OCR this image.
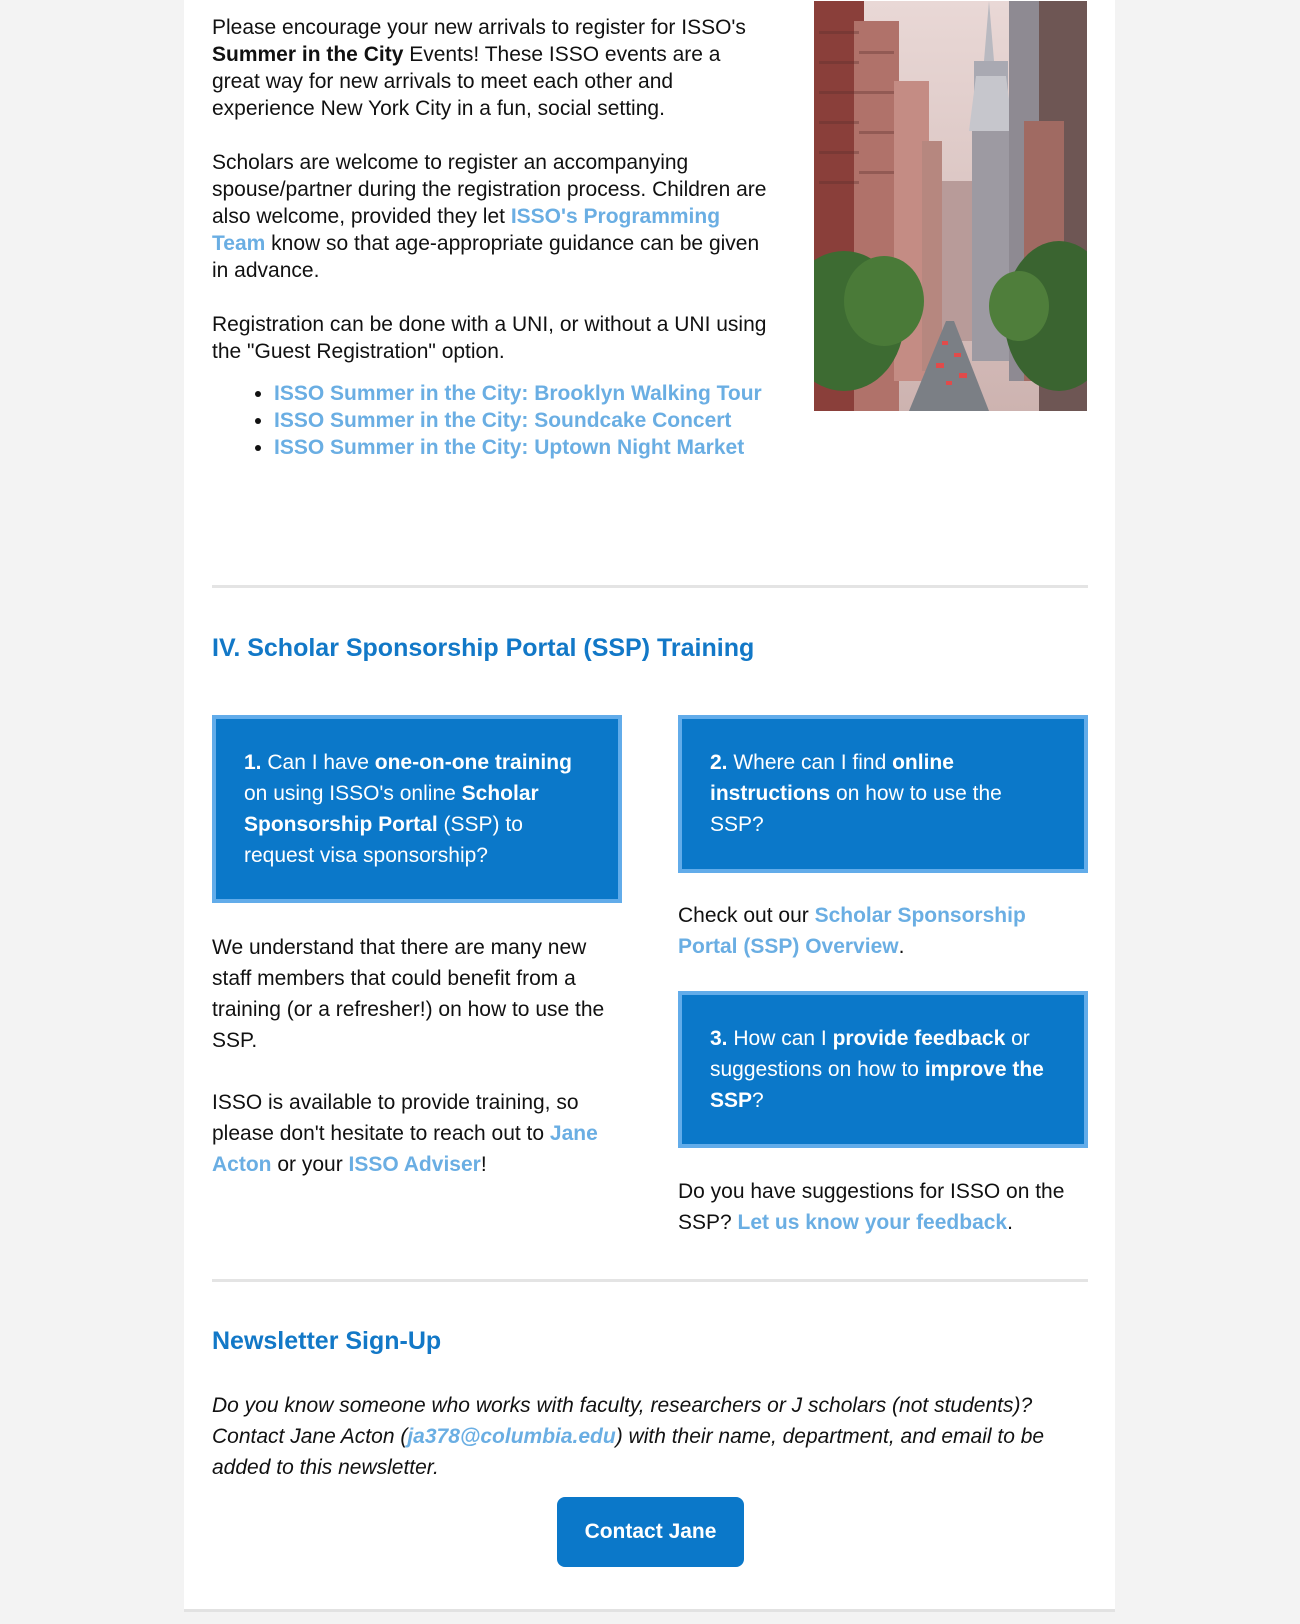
Please encourage your new arrivals to register for ISSO's Summer in the City Events! These ISSO events are a great way for new arrivals to meet each other and experience New York City in a fun, social setting.

Scholars are welcome to register an accompanying spouse/partner during the registration process. Children are also welcome, provided they let ISSO's Programming Team know so that age-appropriate guidance can be given in advance.

Registration can be done with a UNI, or without a UNI using the "Guest Registration" option.

• ISSO Summer in the City: Brooklyn Walking Tour
• ISSO Summer in the City: Soundcake Concert
• ISSO Summer in the City: Uptown Night Market
IV. Scholar Sponsorship Portal (SSP) Training
1. Can I have one-on-one training on using ISSO's online Scholar Sponsorship Portal (SSP) to request visa sponsorship?

We understand that there are many new staff members that could benefit from a training (or a refresher!) on how to use the SSP.

ISSO is available to provide training, so please don't hesitate to reach out to Jane Acton or your ISSO Adviser!

2. Where can I find online instructions on how to use the SSP?
Check out our Scholar Sponsorship Portal (SSP) Overview.
3. How can I provide feedback or suggestions on how to improve the SSP?
Do you have suggestions for ISSO on the SSP? Let us know your feedback.
Newsletter Sign-Up
Do you know someone who works with faculty, researchers or J scholars (not students)? Contact Jane Acton (ja378@columbia.edu) with their name, department, and email to be added to this newsletter.
Contact Jane
